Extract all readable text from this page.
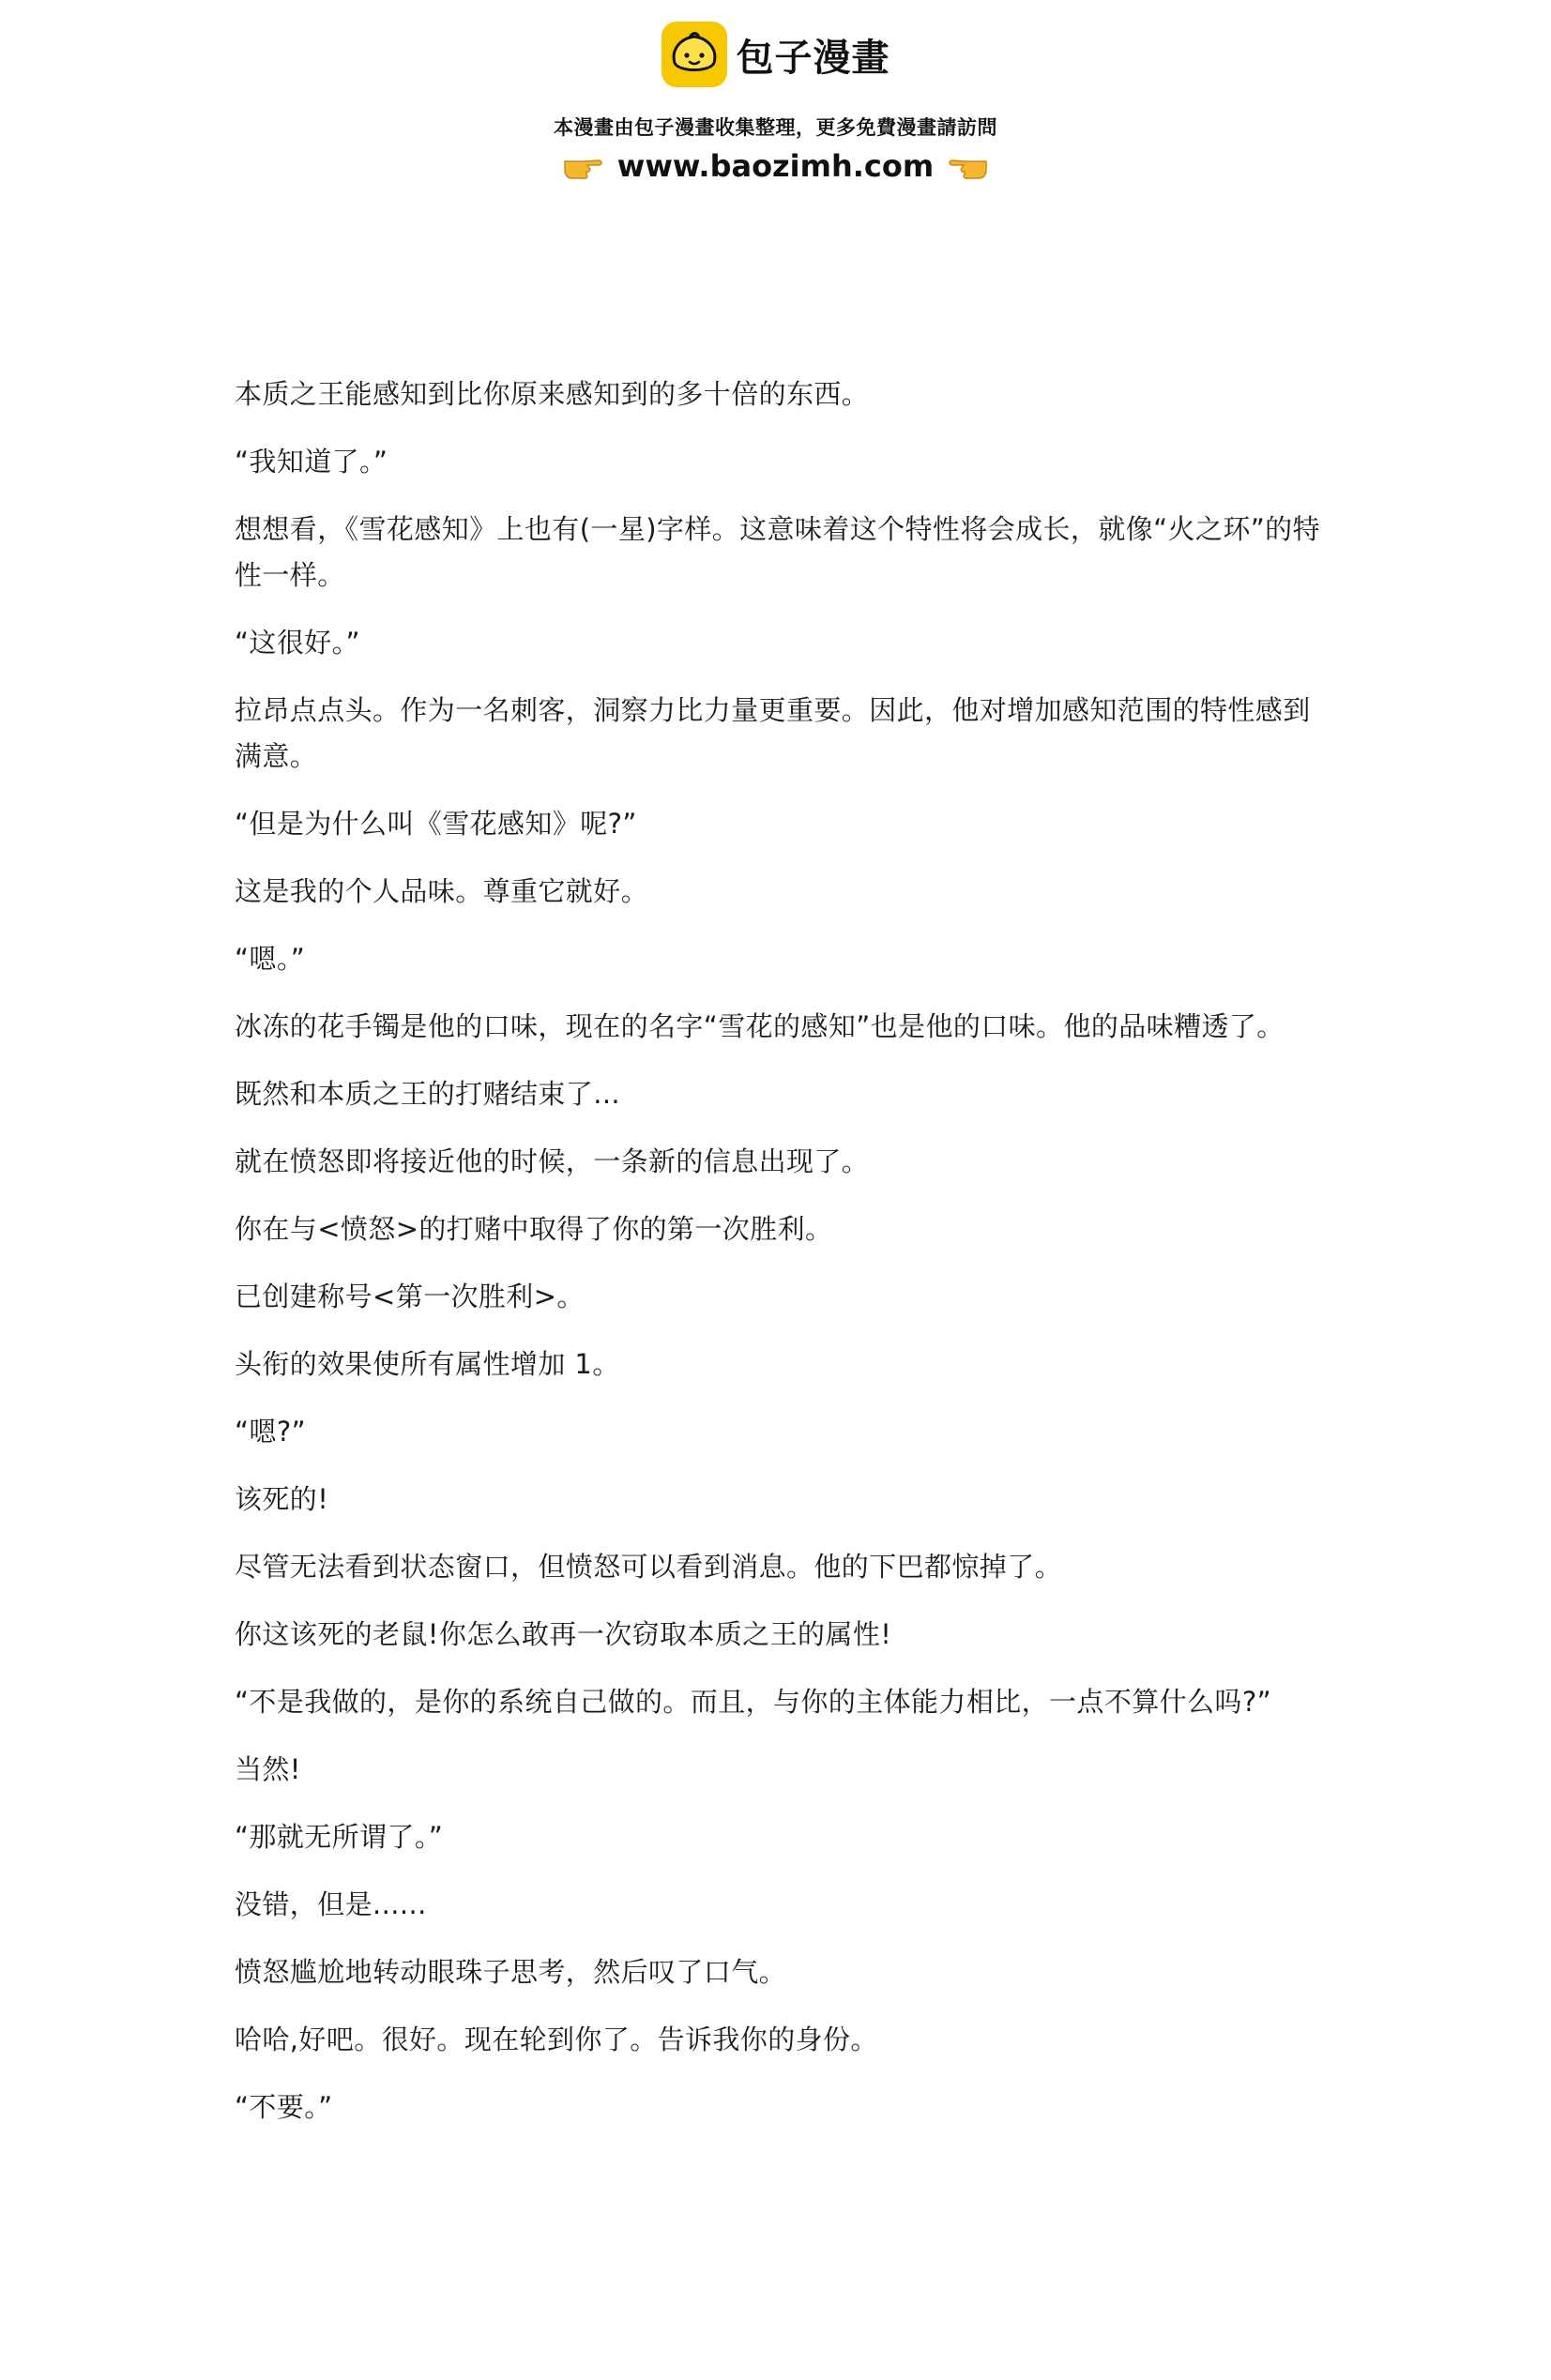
包子漫畫
本漫畫由包子漫畫收集整理，更多免費漫畫請訪問
www.baozimh.com

本质之王能感知到比你原来感知到的多十倍的东西。

“我知道了。”

想想看，《雪花感知》上也有(一星)字样。这意味着这个特性将会成长，就像“火之环”的特性一样。

“这很好。”

拉昂点点头。作为一名刺客，洞察力比力量更重要。因此，他对增加感知范围的特性感到满意。

“但是为什么叫《雪花感知》呢?”

这是我的个人品味。尊重它就好。

“嗯。”

冰冻的花手镯是他的口味，现在的名字“雪花的感知”也是他的口味。他的品味糟透了。

既然和本质之王的打赌结束了...

就在愤怒即将接近他的时候，一条新的信息出现了。

你在与<愤怒>的打赌中取得了你的第一次胜利。

已创建称号<第一次胜利>。

头衔的效果使所有属性增加 1。

“嗯?”

该死的!

尽管无法看到状态窗口，但愤怒可以看到消息。他的下巴都惊掉了。

你这该死的老鼠!你怎么敢再一次窃取本质之王的属性!

“不是我做的，是你的系统自己做的。而且，与你的主体能力相比，一点不算什么吗?”

当然!

“那就无所谓了。”

没错，但是......

愤怒尴尬地转动眼珠子思考，然后叹了口气。

哈哈,好吧。很好。现在轮到你了。告诉我你的身份。

“不要。”
